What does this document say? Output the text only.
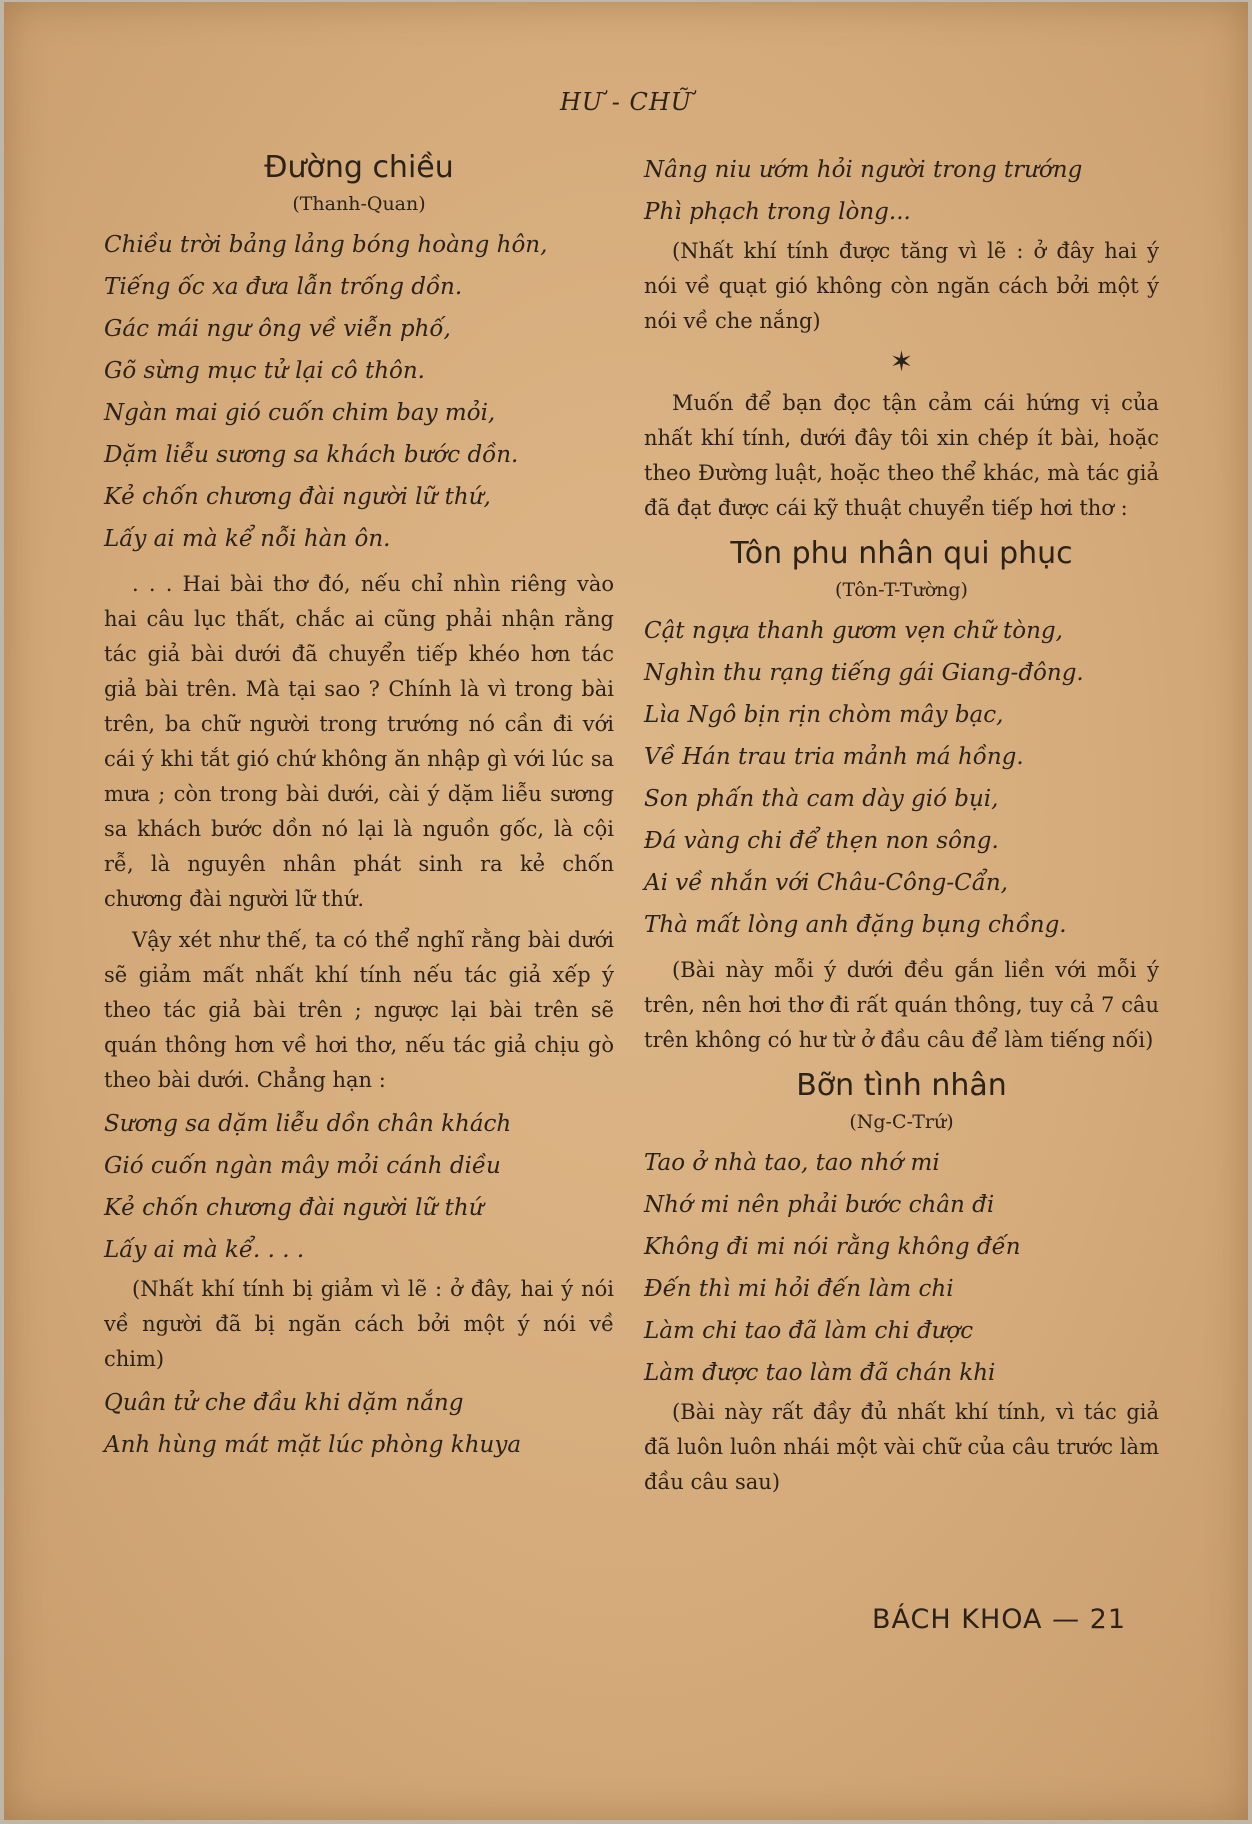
HƯ - CHỮ
Đường chiều
(Thanh-Quan)
Chiều trời bảng lảng bóng hoàng hôn,
Tiếng ốc xa đưa lẫn trống dồn.
Gác mái ngư ông về viễn phố,
Gõ sừng mục tử lại cô thôn.
Ngàn mai gió cuốn chim bay mỏi,
Dặm liễu sương sa khách bước dồn.
Kẻ chốn chương đài người lữ thứ,
Lấy ai mà kể nỗi hàn ôn.

. . . Hai bài thơ đó, nếu chỉ nhìn riêng vào hai câu lục thất, chắc ai cũng phải nhận rằng tác giả bài dưới đã chuyển tiếp khéo hơn tác giả bài trên. Mà tại sao ? Chính là vì trong bài trên, ba chữ người trong trướng nó cần đi với cái ý khi tắt gió chứ không ăn nhập gì với lúc sa mưa ; còn trong bài dưới, cài ý dặm liễu sương sa khách bước dồn nó lại là nguồn gốc, là cội rễ, là nguyên nhân phát sinh ra kẻ chốn chương đài người lữ thứ.

Vậy xét như thế, ta có thể nghĩ rằng bài dưới sẽ giảm mất nhất khí tính nếu tác giả xếp ý theo tác giả bài trên ; ngược lại bài trên sẽ quán thông hơn về hơi thơ, nếu tác giả chịu gò theo bài dưới. Chẳng hạn :

Sương sa dặm liễu dồn chân khách
Gió cuốn ngàn mây mỏi cánh diều
Kẻ chốn chương đài người lữ thứ
Lấy ai mà kể. . . .

(Nhất khí tính bị giảm vì lẽ : ở đây, hai ý nói về người đã bị ngăn cách bởi một ý nói về chim)

Quân tử che đầu khi dặm nắng
Anh hùng mát mặt lúc phòng khuya
Nâng niu ướm hỏi người trong trướng
Phì phạch trong lòng...

(Nhất khí tính được tăng vì lẽ : ở đây hai ý nói về quạt gió không còn ngăn cách bởi một ý nói về che nắng)

✶

Muốn để bạn đọc tận cảm cái hứng vị của nhất khí tính, dưới đây tôi xin chép ít bài, hoặc theo Đường luật, hoặc theo thể khác, mà tác giả đã đạt được cái kỹ thuật chuyển tiếp hơi thơ :

Tôn phu nhân qui phục
(Tôn-T-Tường)
Cật ngựa thanh gươm vẹn chữ tòng,
Nghìn thu rạng tiếng gái Giang-đông.
Lìa Ngô bịn rịn chòm mây bạc,
Về Hán trau tria mảnh má hồng.
Son phấn thà cam dày gió bụi,
Đá vàng chi để thẹn non sông.
Ai về nhắn với Châu-Công-Cẩn,
Thà mất lòng anh đặng bụng chồng.

(Bài này mỗi ý dưới đều gắn liền với mỗi ý trên, nên hơi thơ đi rất quán thông, tuy cả 7 câu trên không có hư từ ở đầu câu để làm tiếng nối)

Bỡn tình nhân
(Ng-C-Trứ)
Tao ở nhà tao, tao nhớ mi
Nhớ mi nên phải bước chân đi
Không đi mi nói rằng không đến
Đến thì mi hỏi đến làm chi
Làm chi tao đã làm chi được
Làm được tao làm đã chán khi

(Bài này rất đầy đủ nhất khí tính, vì tác giả đã luôn luôn nhái một vài chữ của câu trước làm đầu câu sau)

BÁCH KHOA — 21
